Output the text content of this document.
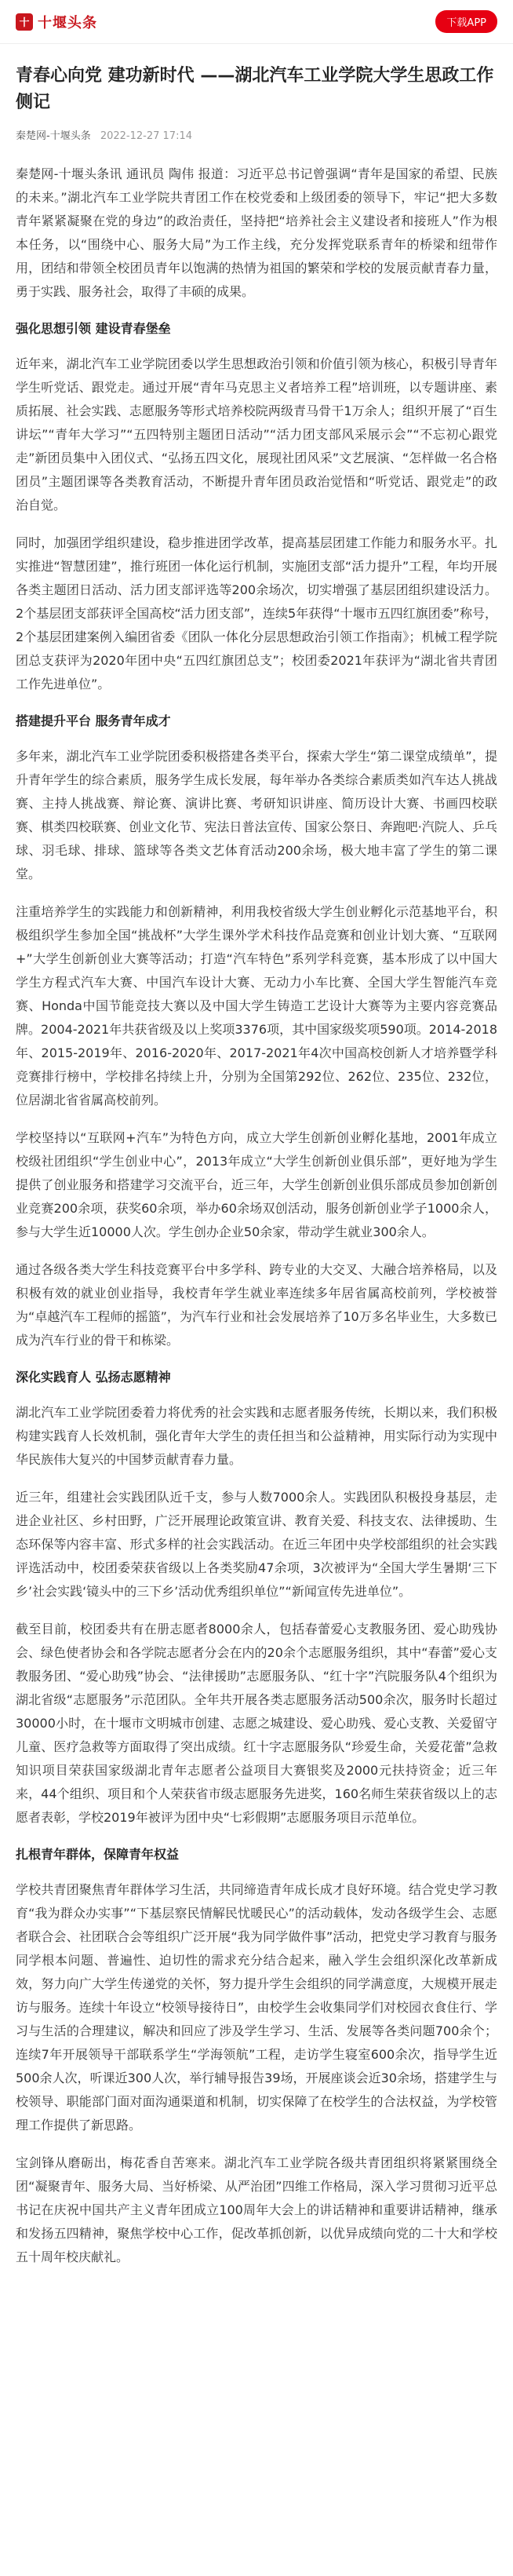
十 十堰头条	下载APP
青春心向党 建功新时代 ——湖北汽车工业学院大学生思政工作侧记
秦楚网-十堰头条 2022-12-27 17:14

秦楚网-十堰头条讯 通讯员 陶伟 报道：习近平总书记曾强调“青年是国家的希望、民族的未来。”湖北汽车工业学院共青团工作在校党委和上级团委的领导下，牢记“把大多数青年紧紧凝聚在党的身边”的政治责任，坚持把“培养社会主义建设者和接班人”作为根本任务，以“围绕中心、服务大局”为工作主线，充分发挥党联系青年的桥梁和纽带作用，团结和带领全校团员青年以饱满的热情为祖国的繁荣和学校的发展贡献青春力量，勇于实践、服务社会，取得了丰硕的成果。

强化思想引领 建设青春堡垒

近年来，湖北汽车工业学院团委以学生思想政治引领和价值引领为核心，积极引导青年学生听党话、跟党走。通过开展“青年马克思主义者培养工程”培训班，以专题讲座、素质拓展、社会实践、志愿服务等形式培养校院两级青马骨干1万余人；组织开展了“百生讲坛”“青年大学习”“五四特别主题团日活动”“活力团支部风采展示会”“不忘初心跟党走”新团员集中入团仪式、“弘扬五四文化，展现社团风采”文艺展演、“怎样做一名合格团员”主题团课等各类教育活动，不断提升青年团员政治觉悟和“听党话、跟党走”的政治自觉。

同时，加强团学组织建设，稳步推进团学改革，提高基层团建工作能力和服务水平。扎实推进“智慧团建”，推行班团一体化运行机制，实施团支部“活力提升”工程，年均开展各类主题团日活动、活力团支部评选等200余场次，切实增强了基层团组织建设活力。2个基层团支部获评全国高校“活力团支部”，连续5年获得“十堰市五四红旗团委”称号，2个基层团建案例入编团省委《团队一体化分层思想政治引领工作指南》；机械工程学院团总支获评为2020年团中央“五四红旗团总支”；校团委2021年获评为“湖北省共青团工作先进单位”。

搭建提升平台 服务青年成才

多年来，湖北汽车工业学院团委积极搭建各类平台，探索大学生“第二课堂成绩单”，提升青年学生的综合素质，服务学生成长发展，每年举办各类综合素质类如汽车达人挑战赛、主持人挑战赛、辩论赛、演讲比赛、考研知识讲座、简历设计大赛、书画四校联赛、棋类四校联赛、创业文化节、宪法日普法宣传、国家公祭日、奔跑吧·汽院人、乒乓球、羽毛球、排球、篮球等各类文艺体育活动200余场，极大地丰富了学生的第二课堂。

注重培养学生的实践能力和创新精神，利用我校省级大学生创业孵化示范基地平台，积极组织学生参加全国“挑战杯”大学生课外学术科技作品竞赛和创业计划大赛、“互联网+”大学生创新创业大赛等活动；打造“汽车特色”系列学科竞赛，基本形成了以中国大学生方程式汽车大赛、中国汽车设计大赛、无动力小车比赛、全国大学生智能汽车竞赛、Honda中国节能竞技大赛以及中国大学生铸造工艺设计大赛等为主要内容竞赛品牌。2004-2021年共获省级及以上奖项3376项，其中国家级奖项590项。2014-2018年、2015-2019年、2016-2020年、2017-2021年4次中国高校创新人才培养暨学科竞赛排行榜中，学校排名持续上升，分别为全国第292位、262位、235位、232位，位居湖北省省属高校前列。

学校坚持以“互联网+汽车”为特色方向，成立大学生创新创业孵化基地，2001年成立校级社团组织“学生创业中心”，2013年成立“大学生创新创业俱乐部”，更好地为学生提供了创业服务和搭建学习交流平台，近三年，大学生创新创业俱乐部成员参加创新创业竞赛200余项，获奖60余项，举办60余场双创活动，服务创新创业学子1000余人，参与大学生近10000人次。学生创办企业50余家，带动学生就业300余人。

通过各级各类大学生科技竞赛平台中多学科、跨专业的大交叉、大融合培养格局，以及积极有效的就业创业指导，我校青年学生就业率连续多年居省属高校前列，学校被誉为“卓越汽车工程师的摇篮”，为汽车行业和社会发展培养了10万多名毕业生，大多数已成为汽车行业的骨干和栋梁。

深化实践育人 弘扬志愿精神

湖北汽车工业学院团委着力将优秀的社会实践和志愿者服务传统，长期以来，我们积极构建实践育人长效机制，强化青年大学生的责任担当和公益精神，用实际行动为实现中华民族伟大复兴的中国梦贡献青春力量。

近三年，组建社会实践团队近千支，参与人数7000余人。实践团队积极投身基层，走进企业社区、乡村田野，广泛开展理论政策宣讲、教育关爱、科技支农、法律援助、生态环保等内容丰富、形式多样的社会实践活动。在近三年团中央学校部组织的社会实践评选活动中，校团委荣获省级以上各类奖励47余项，3次被评为“全国大学生暑期‘三下乡’社会实践‘镜头中的三下乡’活动优秀组织单位”“新闻宣传先进单位”。

截至目前，校团委共有在册志愿者8000余人，包括春蕾爱心支教服务团、爱心助残协会、绿色使者协会和各学院志愿者分会在内的20余个志愿服务组织，其中“春蕾”爱心支教服务团、“爱心助残”协会、“法律援助”志愿服务队、“红十字”汽院服务队4个组织为湖北省级“志愿服务”示范团队。全年共开展各类志愿服务活动500余次，服务时长超过30000小时，在十堰市文明城市创建、志愿之城建设、爱心助残、爱心支教、关爱留守儿童、医疗急救等方面取得了突出成绩。红十字志愿服务队“珍爱生命，关爱花蕾”急救知识项目荣获国家级湖北青年志愿者公益项目大赛银奖及2000元扶持资金；近三年来，44个组织、项目和个人荣获省市级志愿服务先进奖，160名师生荣获省级以上的志愿者表彰，学校2019年被评为团中央“七彩假期”志愿服务项目示范单位。

扎根青年群体，保障青年权益

学校共青团聚焦青年群体学习生活，共同缔造青年成长成才良好环境。结合党史学习教育“我为群众办实事”“下基层察民情解民忧暖民心”的活动载体，发动各级学生会、志愿者联合会、社团联合会等组织广泛开展“我为同学做件事”活动，把党史学习教育与服务同学根本问题、普遍性、迫切性的需求充分结合起来，融入学生会组织深化改革新成效，努力向广大学生传递党的关怀，努力提升学生会组织的同学满意度，大规模开展走访与服务。连续十年设立“校领导接待日”，由校学生会收集同学们对校园衣食住行、学习与生活的合理建议，解决和回应了涉及学生学习、生活、发展等各类问题700余个；连续7年开展领导干部联系学生“学海领航”工程，走访学生寝室600余次，指导学生近500余人次，听课近300人次，举行辅导报告39场，开展座谈会近30余场，搭建学生与校领导、职能部门面对面沟通渠道和机制，切实保障了在校学生的合法权益，为学校管理工作提供了新思路。

宝剑锋从磨砺出，梅花香自苦寒来。湖北汽车工业学院各级共青团组织将紧紧围绕全团“凝聚青年、服务大局、当好桥梁、从严治团”四维工作格局，深入学习贯彻习近平总书记在庆祝中国共产主义青年团成立100周年大会上的讲话精神和重要讲话精神，继承和发扬五四精神，聚焦学校中心工作，促改革抓创新，以优异成绩向党的二十大和学校五十周年校庆献礼。
